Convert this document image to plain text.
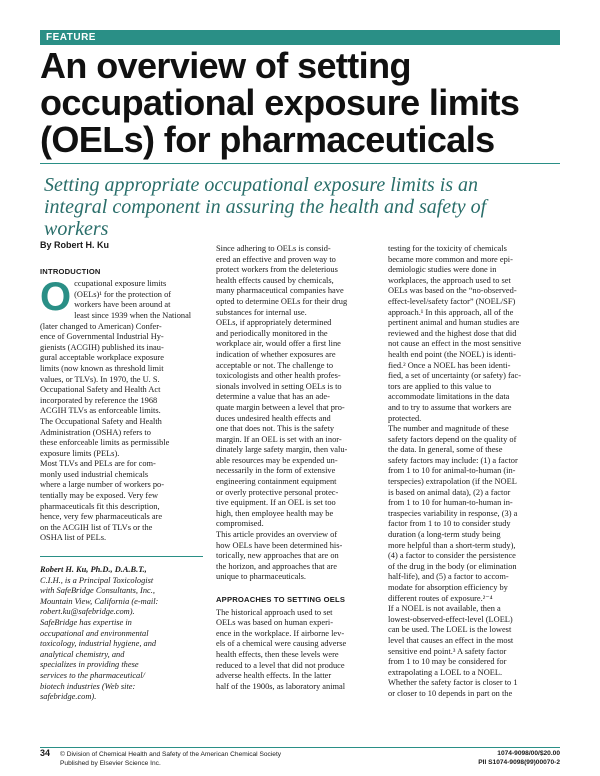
FEATURE
An overview of setting
occupational exposure limits
(OELs) for pharmaceuticals
Setting appropriate occupational exposure limits is an
integral component in assuring the health and safety of
workers
By Robert H. Ku
INTRODUCTION
O ccupational exposure limits
(OELs)¹ for the protection of
workers have been around at
least since 1939 when the National
(later changed to American) Confer-
ence of Governmental Industrial Hy-
gienists (ACGIH) published its inau-
gural acceptable workplace exposure
limits (now known as threshold limit
values, or TLVs). In 1970, the U. S.
Occupational Safety and Health Act
incorporated by reference the 1968
ACGIH TLVs as enforceable limits.
The Occupational Safety and Health
Administration (OSHA) refers to
these enforceable limits as permissible
exposure limits (PELs).
Most TLVs and PELs are for com-
monly used industrial chemicals
where a large number of workers po-
tentially may be exposed. Very few
pharmaceuticals fit this description,
hence, very few pharmaceuticals are
on the ACGIH list of TLVs or the
OSHA list of PELs.
Robert H. Ku, Ph.D., D.A.B.T.,
C.I.H., is a Principal Toxicologist
with SafeBridge Consultants, Inc.,
Mountain View, California (e-mail:
robert.ku@safebridge.com).
SafeBridge has expertise in
occupational and environmental
toxicology, industrial hygiene, and
analytical chemistry, and
specializes in providing these
services to the pharmaceutical/
biotech industries (Web site:
safebridge.com).
Since adhering to OELs is consid-
ered an effective and proven way to
protect workers from the deleterious
health effects caused by chemicals,
many pharmaceutical companies have
opted to determine OELs for their drug
substances for internal use.
OELs, if appropriately determined
and periodically monitored in the
workplace air, would offer a first line
indication of whether exposures are
acceptable or not. The challenge to
toxicologists and other health profes-
sionals involved in setting OELs is to
determine a value that has an ade-
quate margin between a level that pro-
duces undesired health effects and
one that does not. This is the safety
margin. If an OEL is set with an inor-
dinately large safety margin, then valu-
able resources may be expended un-
necessarily in the form of extensive
engineering containment equipment
or overly protective personal protec-
tive equipment. If an OEL is set too
high, then employee health may be
compromised.
This article provides an overview of
how OELs have been determined his-
torically, new approaches that are on
the horizon, and approaches that are
unique to pharmaceuticals.
APPROACHES TO SETTING OELS
The historical approach used to set
OELs was based on human experi-
ence in the workplace. If airborne lev-
els of a chemical were causing adverse
health effects, then these levels were
reduced to a level that did not produce
adverse health effects. In the latter
half of the 1900s, as laboratory animal
testing for the toxicity of chemicals
became more common and more epi-
demiologic studies were done in
workplaces, the approach used to set
OELs was based on the “no-observed-
effect-level/safety factor” (NOEL/SF)
approach.¹ In this approach, all of the
pertinent animal and human studies are
reviewed and the highest dose that did
not cause an effect in the most sensitive
health end point (the NOEL) is identi-
fied.² Once a NOEL has been identi-
fied, a set of uncertainty (or safety) fac-
tors are applied to this value to
accommodate limitations in the data
and to try to assume that workers are
protected.
The number and magnitude of these
safety factors depend on the quality of
the data. In general, some of these
safety factors may include: (1) a factor
from 1 to 10 for animal-to-human (in-
terspecies) extrapolation (if the NOEL
is based on animal data), (2) a factor
from 1 to 10 for human-to-human in-
traspecies variability in response, (3) a
factor from 1 to 10 to consider study
duration (a long-term study being
more helpful than a short-term study),
(4) a factor to consider the persistence
of the drug in the body (or elimination
half-life), and (5) a factor to accom-
modate for absorption efficiency by
different routes of exposure.²⁻⁴
If a NOEL is not available, then a
lowest-observed-effect-level (LOEL)
can be used. The LOEL is the lowest
level that causes an effect in the most
sensitive end point.³ A safety factor
from 1 to 10 may be considered for
extrapolating a LOEL to a NOEL.
Whether the safety factor is closer to 1
or closer to 10 depends in part on the
34 © Division of Chemical Health and Safety of the American Chemical Society
Published by Elsevier Science Inc.
1074-9098/00/$20.00
PII S1074-9098(99)00070-2
